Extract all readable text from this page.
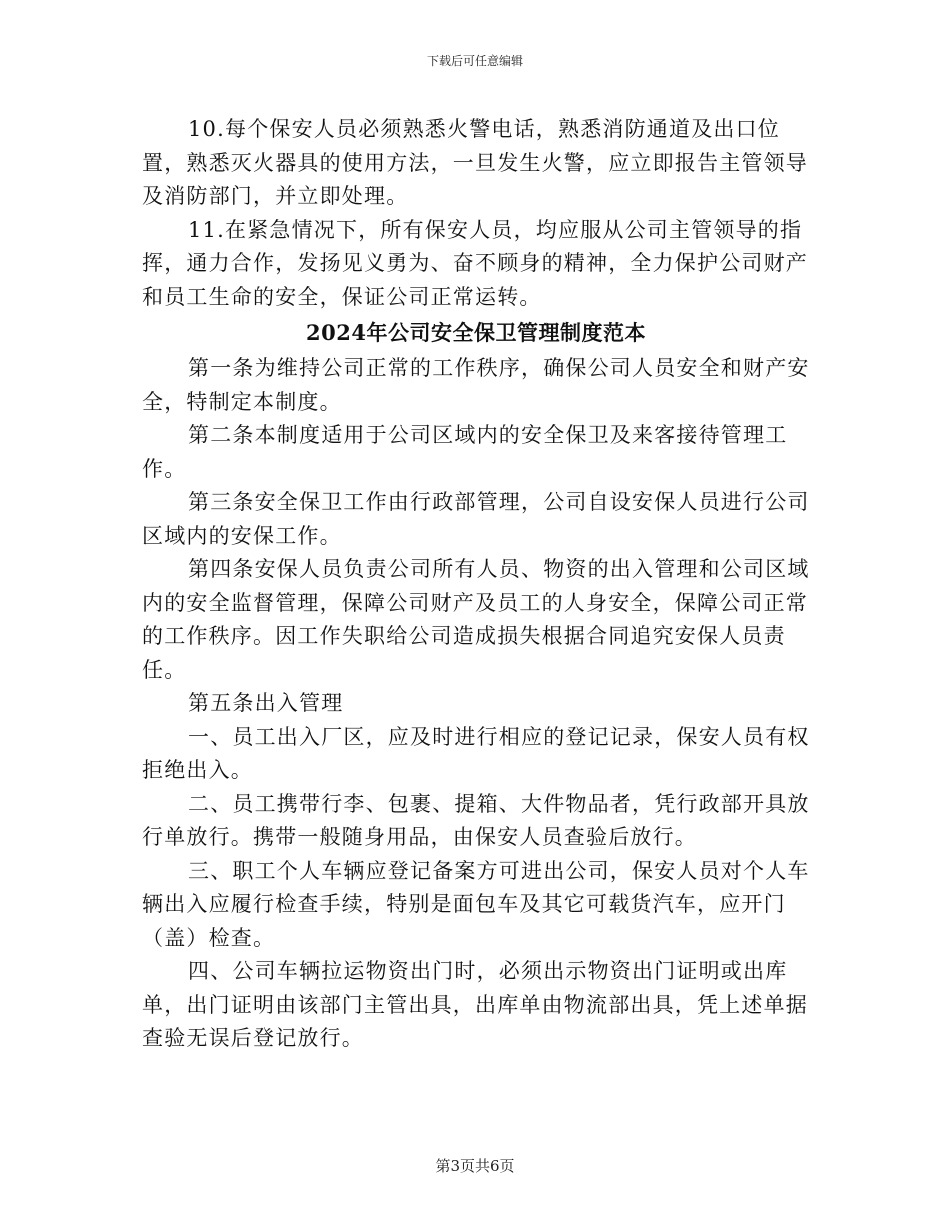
下载后可任意编辑

10.每个保安人员必须熟悉火警电话，熟悉消防通道及出口位置，熟悉灭火器具的使用方法，一旦发生火警，应立即报告主管领导及消防部门，并立即处理。

11.在紧急情况下，所有保安人员，均应服从公司主管领导的指挥，通力合作，发扬见义勇为、奋不顾身的精神，全力保护公司财产和员工生命的安全，保证公司正常运转。

2024年公司安全保卫管理制度范本

第一条为维持公司正常的工作秩序，确保公司人员安全和财产安全，特制定本制度。

第二条本制度适用于公司区域内的安全保卫及来客接待管理工作。

第三条安全保卫工作由行政部管理，公司自设安保人员进行公司区域内的安保工作。

第四条安保人员负责公司所有人员、物资的出入管理和公司区域内的安全监督管理，保障公司财产及员工的人身安全，保障公司正常的工作秩序。因工作失职给公司造成损失根据合同追究安保人员责任。

第五条出入管理

一、员工出入厂区，应及时进行相应的登记记录，保安人员有权拒绝出入。

二、员工携带行李、包裹、提箱、大件物品者，凭行政部开具放行单放行。携带一般随身用品，由保安人员查验后放行。

三、职工个人车辆应登记备案方可进出公司，保安人员对个人车辆出入应履行检查手续，特别是面包车及其它可载货汽车，应开门（盖）检查。

四、公司车辆拉运物资出门时，必须出示物资出门证明或出库单，出门证明由该部门主管出具，出库单由物流部出具，凭上述单据查验无误后登记放行。

第3页共6页
